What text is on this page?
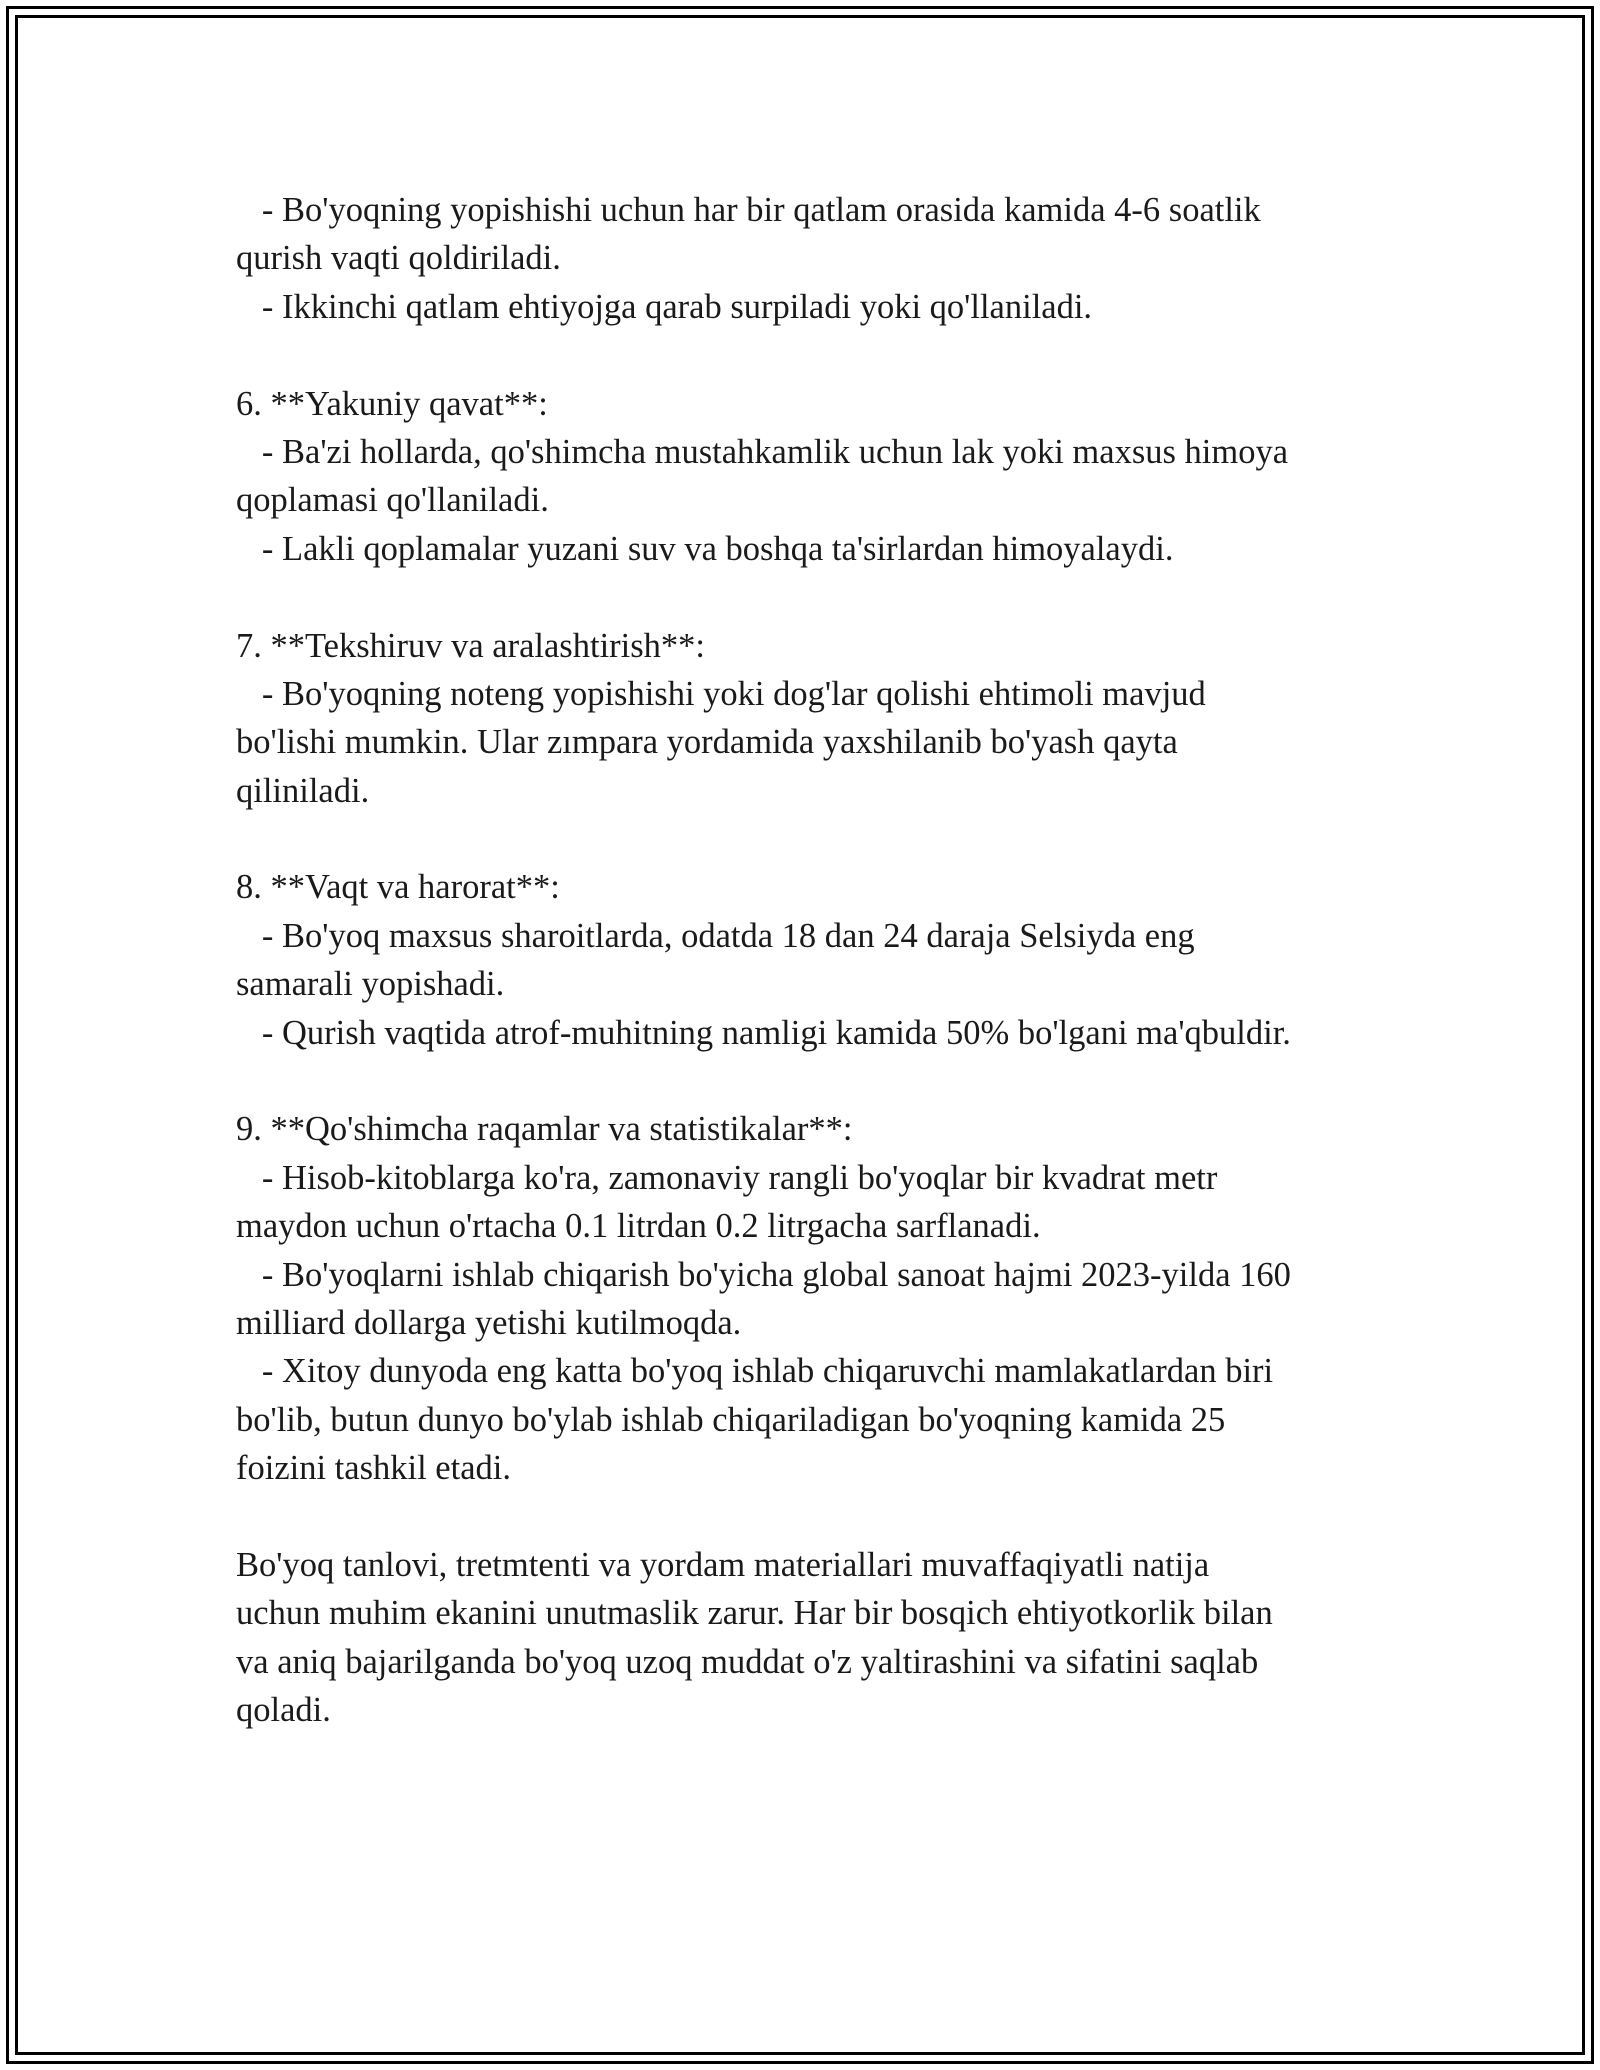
- Bo'yoqning yopishishi uchun har bir qatlam orasida kamida 4-6 soatlik
qurish vaqti qoldiriladi.
- Ikkinchi qatlam ehtiyojga qarab surpiladi yoki qo'llaniladi.
6. **Yakuniy qavat**:
- Ba'zi hollarda, qo'shimcha mustahkamlik uchun lak yoki maxsus himoya
qoplamasi qo'llaniladi.
- Lakli qoplamalar yuzani suv va boshqa ta'sirlardan himoyalaydi.
7. **Tekshiruv va aralashtirish**:
- Bo'yoqning noteng yopishishi yoki dog'lar qolishi ehtimoli mavjud
bo'lishi mumkin. Ular zımpara yordamida yaxshilanib bo'yash qayta
qiliniladi.
8. **Vaqt va harorat**:
- Bo'yoq maxsus sharoitlarda, odatda 18 dan 24 daraja Selsiyda eng
samarali yopishadi.
- Qurish vaqtida atrof-muhitning namligi kamida 50% bo'lgani ma'qbuldir.
9. **Qo'shimcha raqamlar va statistikalar**:
- Hisob-kitoblarga ko'ra, zamonaviy rangli bo'yoqlar bir kvadrat metr
maydon uchun o'rtacha 0.1 litrdan 0.2 litrgacha sarflanadi.
- Bo'yoqlarni ishlab chiqarish bo'yicha global sanoat hajmi 2023-yilda 160
milliard dollarga yetishi kutilmoqda.
- Xitoy dunyoda eng katta bo'yoq ishlab chiqaruvchi mamlakatlardan biri
bo'lib, butun dunyo bo'ylab ishlab chiqariladigan bo'yoqning kamida 25
foizini tashkil etadi.
Bo'yoq tanlovi, tretmtenti va yordam materiallari muvaffaqiyatli natija
uchun muhim ekanini unutmaslik zarur. Har bir bosqich ehtiyotkorlik bilan
va aniq bajarilganda bo'yoq uzoq muddat o'z yaltirashini va sifatini saqlab
qoladi.
